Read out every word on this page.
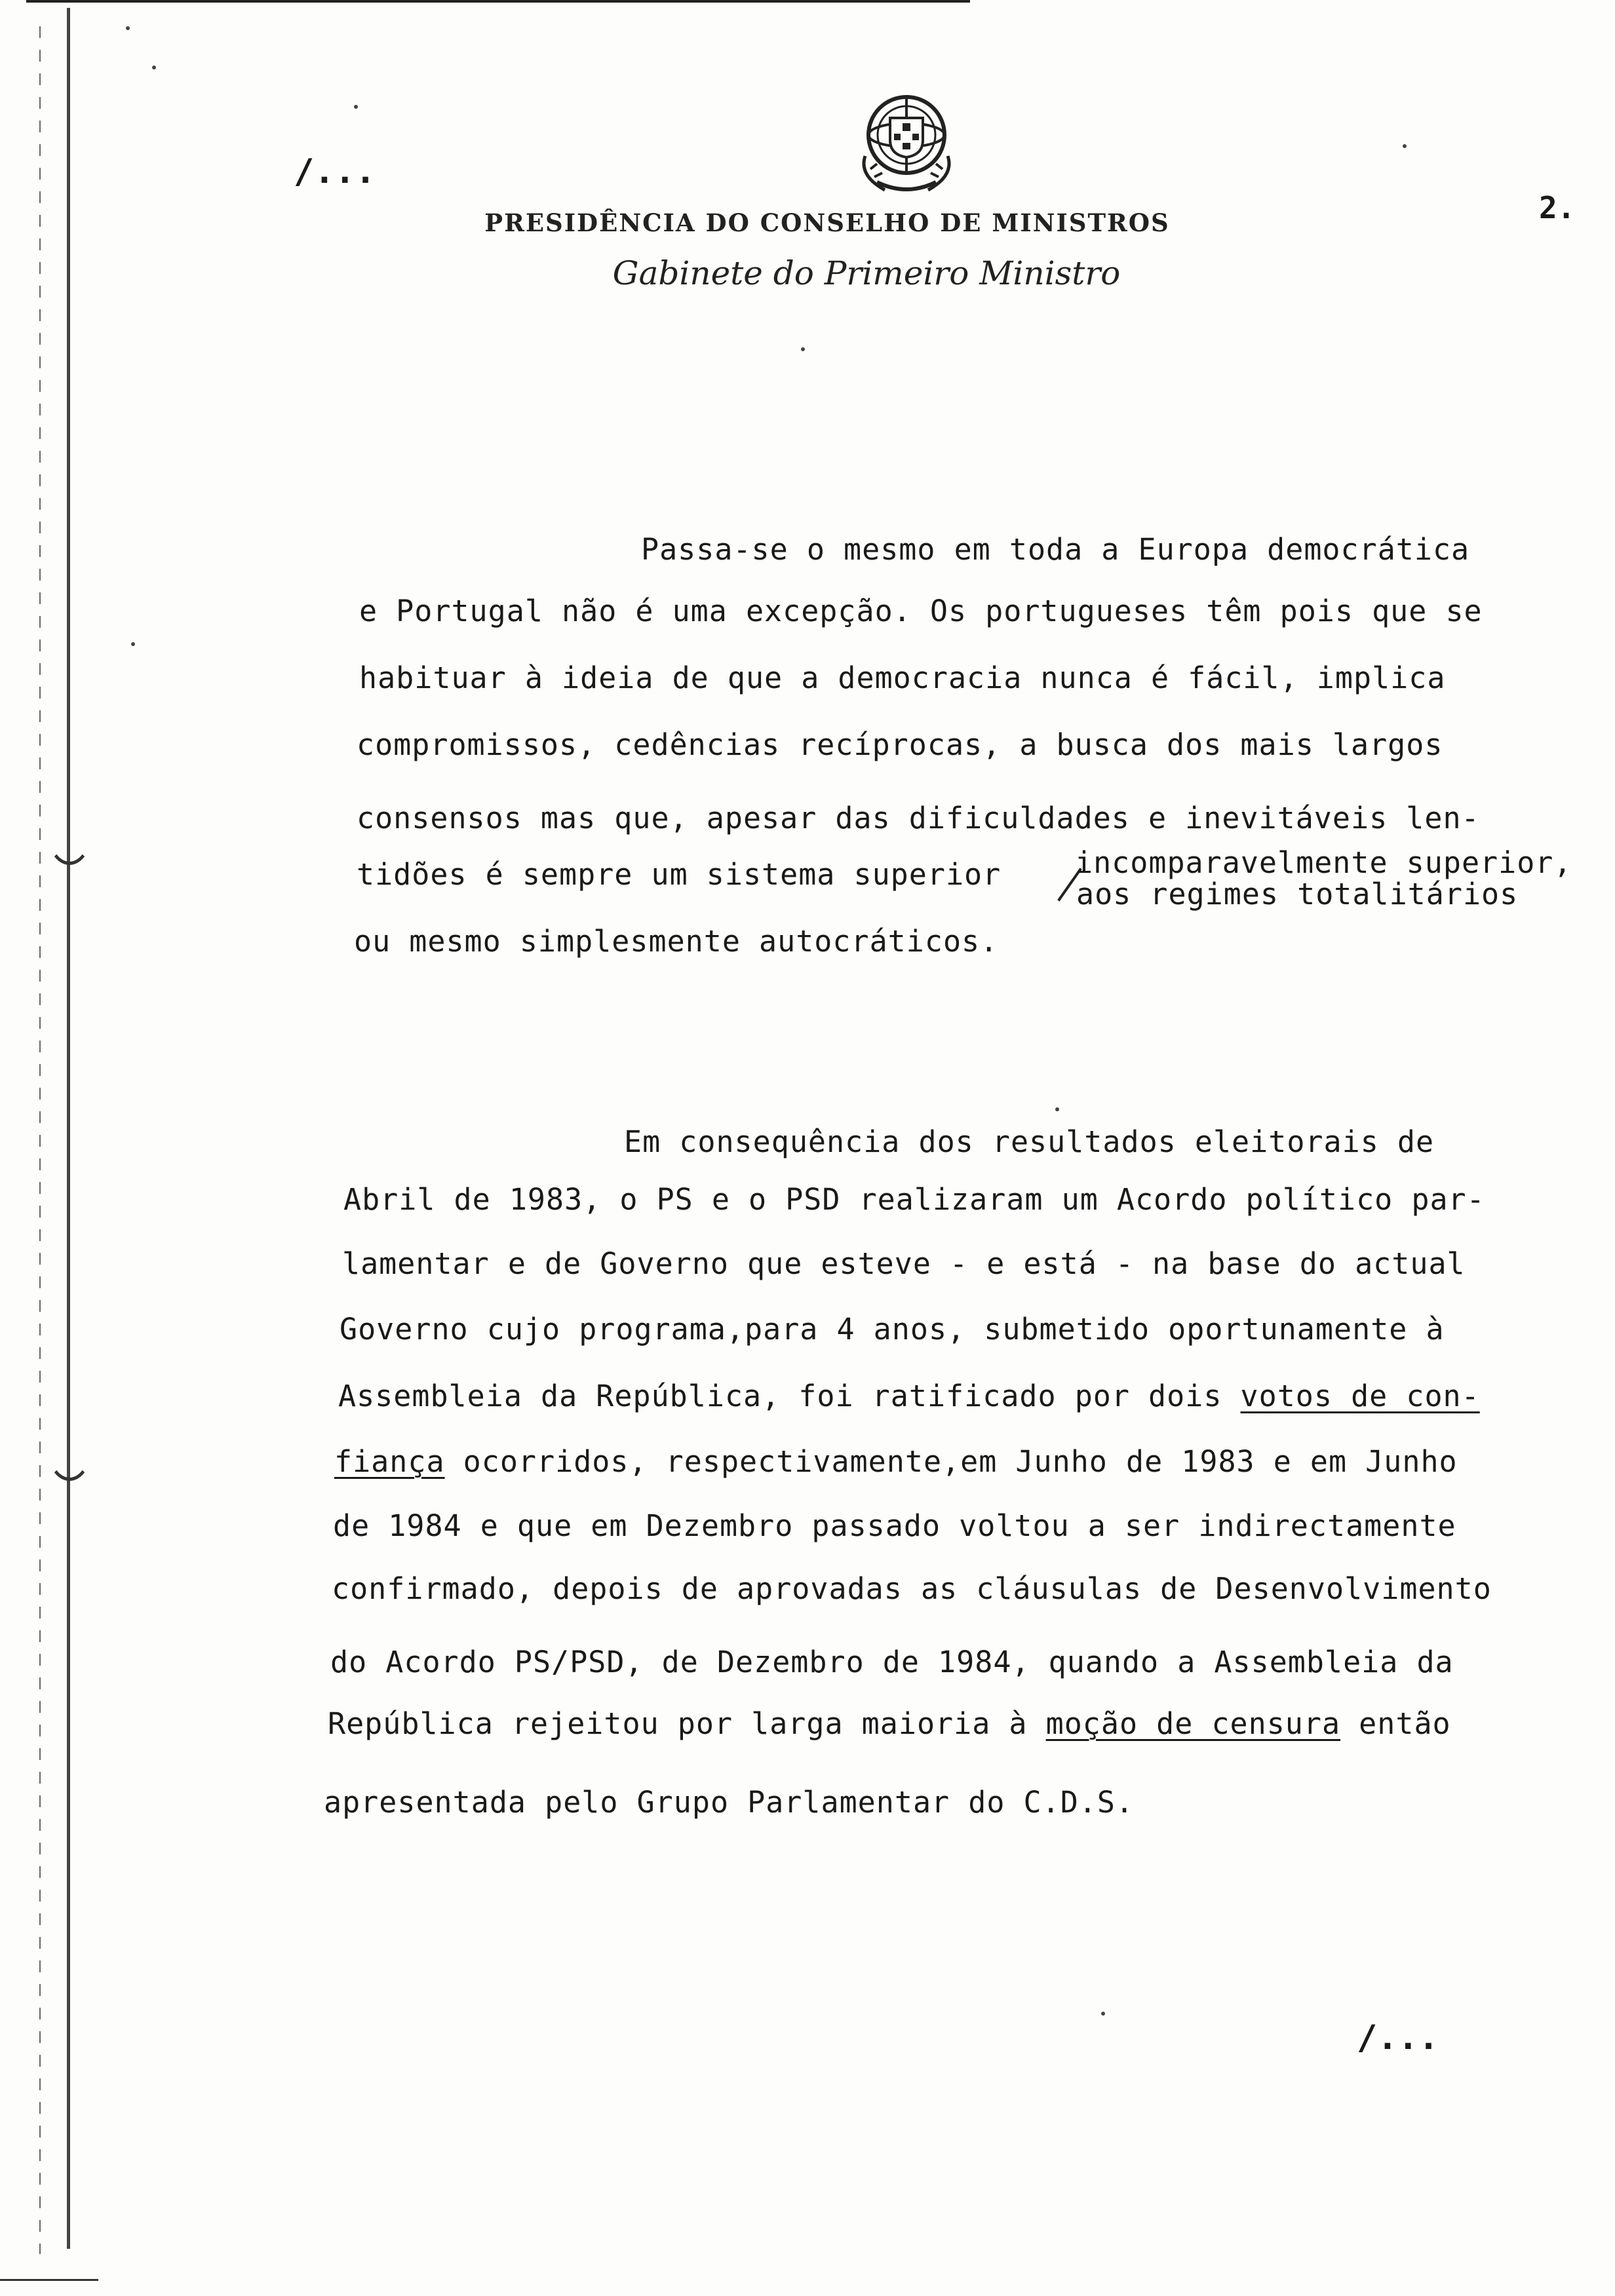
/...
PRESIDÊNCIA DO CONSELHO DE MINISTROS
Gabinete do Primeiro Ministro
2.
Passa-se o mesmo em toda a Europa democrática
e Portugal não é uma excepção. Os portugueses têm pois que se
habituar à ideia de que a democracia nunca é fácil, implica
compromissos, cedências recíprocas, a busca dos mais largos
consensos mas que, apesar das dificuldades e inevitáveis len-
tidões é sempre um sistema superior	incomparavelmente superior,
aos regimes totalitários
ou mesmo simplesmente autocráticos.
Em consequência dos resultados eleitorais de
Abril de 1983, o PS e o PSD realizaram um Acordo político par-
lamentar e de Governo que esteve - e está - na base do actual
Governo cujo programa,para 4 anos, submetido oportunamente à
Assembleia da República, foi ratificado por dois votos de con-
fiança ocorridos, respectivamente,em Junho de 1983 e em Junho
de 1984 e que em Dezembro passado voltou a ser indirectamente
confirmado, depois de aprovadas as cláusulas de Desenvolvimento
do Acordo PS/PSD, de Dezembro de 1984, quando a Assembleia da
República rejeitou por larga maioria à moção de censura então
apresentada pelo Grupo Parlamentar do C.D.S.
/...
